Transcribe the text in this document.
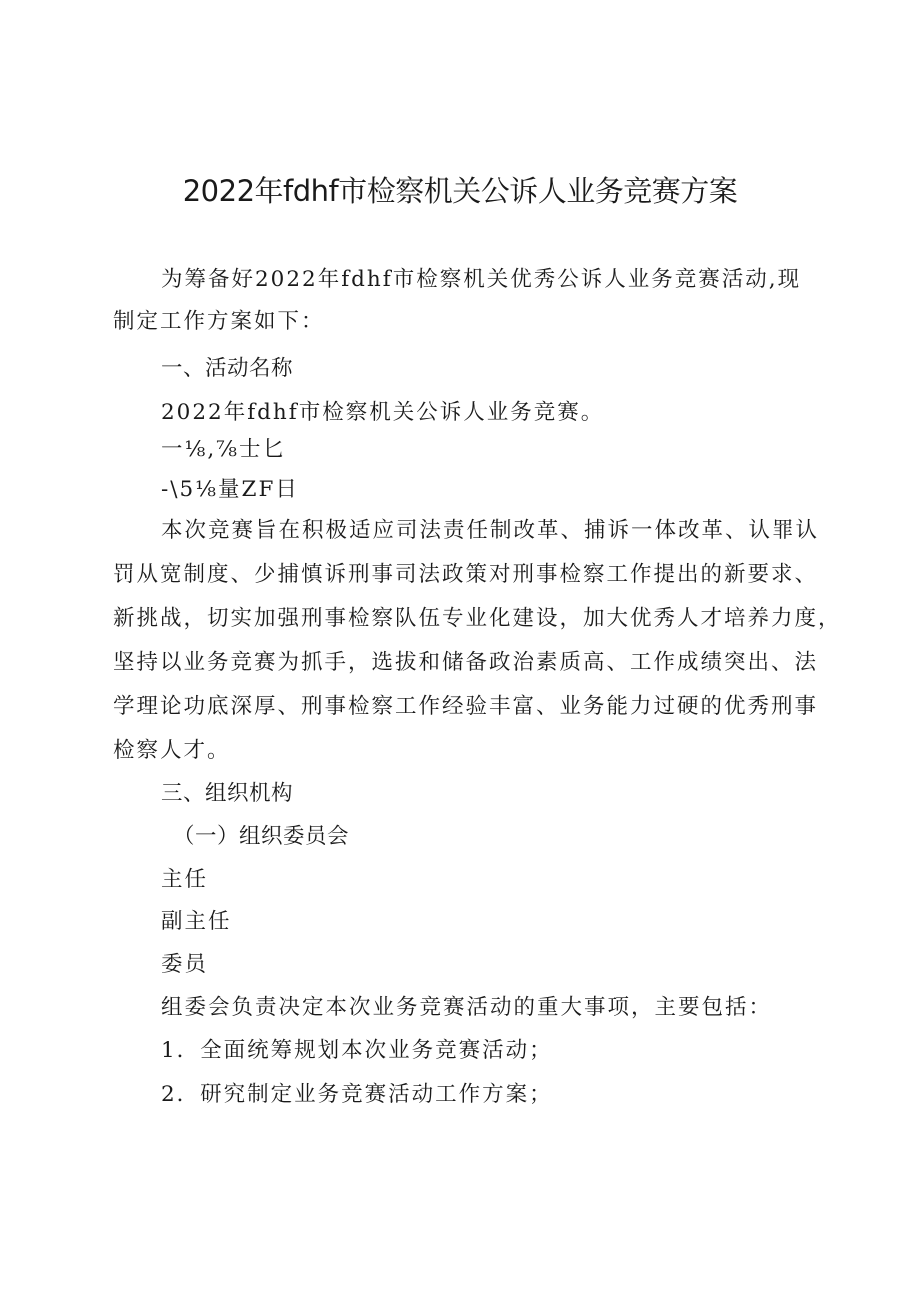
2022年fdhf市检察机关公诉人业务竞赛方案
为筹备好2022年fdhf市检察机关优秀公诉人业务竞赛活动,现
制定工作方案如下：
一、活动名称
2022年fdhf市检察机关公诉人业务竞赛。
一⅛,⅞士匕
-\5⅛量ZF日
本次竞赛旨在积极适应司法责任制改革、捕诉一体改革、认罪认
罚从宽制度、少捕慎诉刑事司法政策对刑事检察工作提出的新要求、
新挑战，切实加强刑事检察队伍专业化建设，加大优秀人才培养力度，
坚持以业务竞赛为抓手，选拔和储备政治素质高、工作成绩突出、法
学理论功底深厚、刑事检察工作经验丰富、业务能力过硬的优秀刑事
检察人才。
三、组织机构
（一）组织委员会
主任
副主任
委员
组委会负责决定本次业务竞赛活动的重大事项，主要包括：
1．全面统筹规划本次业务竞赛活动；
2．研究制定业务竞赛活动工作方案；
